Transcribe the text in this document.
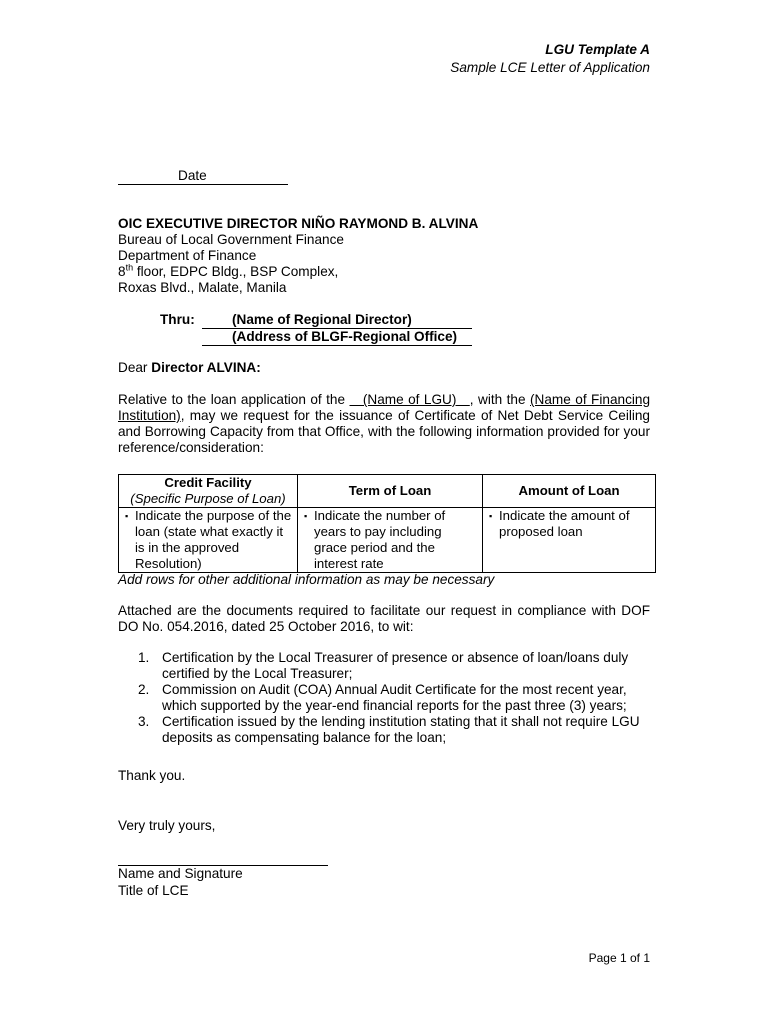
LGU Template A
Sample LCE Letter of Application
Date
OIC EXECUTIVE DIRECTOR NIÑO RAYMOND B. ALVINA
Bureau of Local Government Finance
Department of Finance
8th floor, EDPC Bldg., BSP Complex,
Roxas Blvd., Malate, Manila
Thru:	(Name of Regional Director)
(Address of BLGF-Regional Office)
Dear Director ALVINA:
Relative to the loan application of the    (Name of LGU)   , with the (Name of Financing Institution), may we request for the issuance of Certificate of Net Debt Service Ceiling and Borrowing Capacity from that Office, with the following information provided for your reference/consideration:
Credit Facility
(Specific Purpose of Loan)	Term of Loan	Amount of Loan

▪ Indicate the purpose of the loan (state what exactly it is in the approved Resolution)	▪ Indicate the number of years to pay including grace period and the interest rate	▪ Indicate the amount of proposed loan
Add rows for other additional information as may be necessary
Attached are the documents required to facilitate our request in compliance with DOF DO No. 054.2016, dated 25 October 2016, to wit:
1. Certification by the Local Treasurer of presence or absence of loan/loans duly certified by the Local Treasurer;
2. Commission on Audit (COA) Annual Audit Certificate for the most recent year, which supported by the year-end financial reports for the past three (3) years;
3. Certification issued by the lending institution stating that it shall not require LGU deposits as compensating balance for the loan;
Thank you.
Very truly yours,
Name and Signature
Title of LCE
Page 1 of 1
